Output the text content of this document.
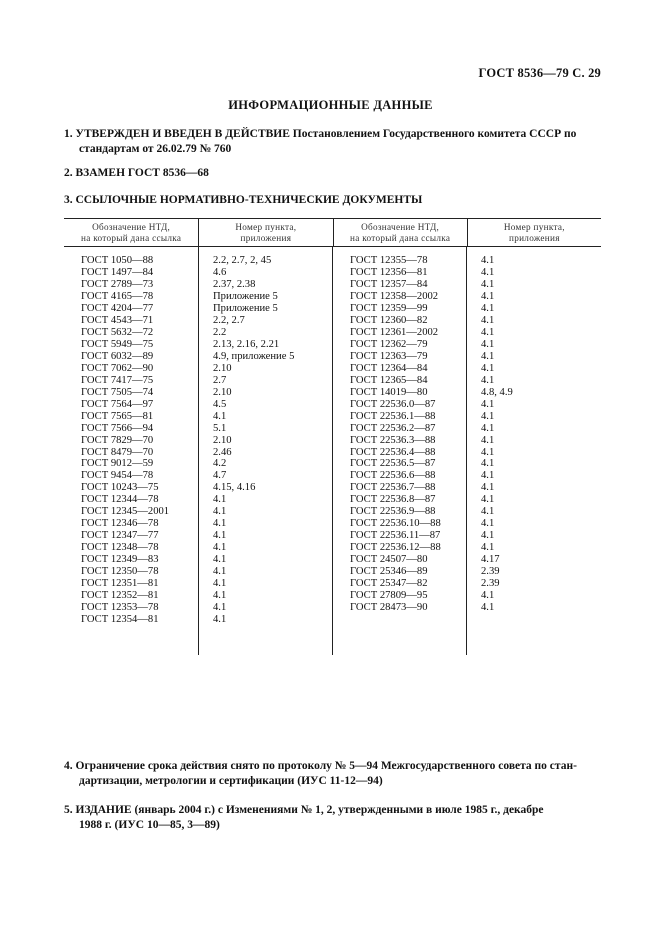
ГОСТ 8536—79 С. 29
ИНФОРМАЦИОННЫЕ ДАННЫЕ
1. УТВЕРЖДЕН И ВВЕДЕН В ДЕЙСТВИЕ Постановлением Государственного комитета СССР по
стандартам от 26.02.79 № 760
2. ВЗАМЕН ГОСТ 8536—68
3. ССЫЛОЧНЫЕ НОРМАТИВНО-ТЕХНИЧЕСКИЕ ДОКУМЕНТЫ
Обозначение НТД,
на который дана ссылка
Номер пункта,
приложения
Обозначение НТД,
на который дана ссылка
Номер пункта,
приложения
ГОСТ 1050—88
ГОСТ 1497—84
ГОСТ 2789—73
ГОСТ 4165—78
ГОСТ 4204—77
ГОСТ 4543—71
ГОСТ 5632—72
ГОСТ 5949—75
ГОСТ 6032—89
ГОСТ 7062—90
ГОСТ 7417—75
ГОСТ 7505—74
ГОСТ 7564—97
ГОСТ 7565—81
ГОСТ 7566—94
ГОСТ 7829—70
ГОСТ 8479—70
ГОСТ 9012—59
ГОСТ 9454—78
ГОСТ 10243—75
ГОСТ 12344—78
ГОСТ 12345—2001
ГОСТ 12346—78
ГОСТ 12347—77
ГОСТ 12348—78
ГОСТ 12349—83
ГОСТ 12350—78
ГОСТ 12351—81
ГОСТ 12352—81
ГОСТ 12353—78
ГОСТ 12354—81
2.2, 2.7, 2, 45
4.6
2.37, 2.38
Приложение 5
Приложение 5
2.2, 2.7
2.2
2.13, 2.16, 2.21
4.9, приложение 5
2.10
2.7
2.10
4.5
4.1
5.1
2.10
2.46
4.2
4.7
4.15, 4.16
4.1
4.1
4.1
4.1
4.1
4.1
4.1
4.1
4.1
4.1
4.1
ГОСТ 12355—78
ГОСТ 12356—81
ГОСТ 12357—84
ГОСТ 12358—2002
ГОСТ 12359—99
ГОСТ 12360—82
ГОСТ 12361—2002
ГОСТ 12362—79
ГОСТ 12363—79
ГОСТ 12364—84
ГОСТ 12365—84
ГОСТ 14019—80
ГОСТ 22536.0—87
ГОСТ 22536.1—88
ГОСТ 22536.2—87
ГОСТ 22536.3—88
ГОСТ 22536.4—88
ГОСТ 22536.5—87
ГОСТ 22536.6—88
ГОСТ 22536.7—88
ГОСТ 22536.8—87
ГОСТ 22536.9—88
ГОСТ 22536.10—88
ГОСТ 22536.11—87
ГОСТ 22536.12—88
ГОСТ 24507—80
ГОСТ 25346—89
ГОСТ 25347—82
ГОСТ 27809—95
ГОСТ 28473—90
4.1
4.1
4.1
4.1
4.1
4.1
4.1
4.1
4.1
4.1
4.1
4.8, 4.9
4.1
4.1
4.1
4.1
4.1
4.1
4.1
4.1
4.1
4.1
4.1
4.1
4.1
4.17
2.39
2.39
4.1
4.1
4. Ограничение срока действия снято по протоколу № 5—94 Межгосударственного совета по стан-
дартизации, метрологии и сертификации (ИУС 11-12—94)
5. ИЗДАНИЕ (январь 2004 г.) с Изменениями № 1, 2, утвержденными в июле 1985 г., декабре
1988 г. (ИУС 10—85, 3—89)
